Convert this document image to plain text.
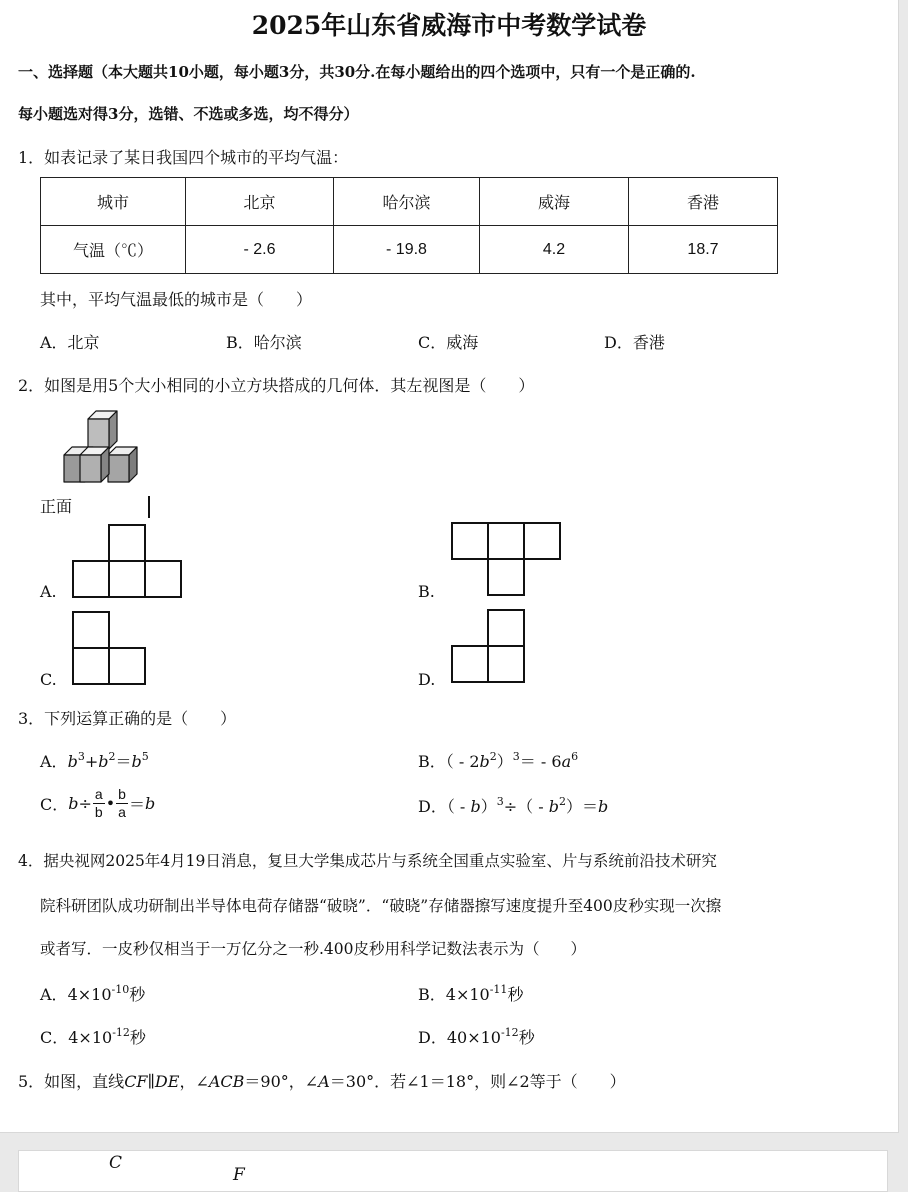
2025年山东省威海市中考数学试卷
一、选择题（本大题共10小题，每小题3分，共30分.在每小题给出的四个选项中，只有一个是正确的.
每小题选对得3分，选错、不选或多选，均不得分）
1．如表记录了某日我国四个城市的平均气温：
城市	北京	哈尔滨	威海	香港
气温（℃）	- 2.6	- 19.8	4.2	18.7
其中，平均气温最低的城市是（　　）
A．北京	B．哈尔滨	C．威海	D．香港
2．如图是用5个大小相同的小立方块搭成的几何体．其左视图是（　　）
正面
A.	B.
C.	D.
3．下列运算正确的是（　　）
A．$b^3+b^2=b^5$	B．（ - $2b^2)^3= - 6a^6$
C．$b\div \frac{a}{b}$ • $\frac{b}{a} =b$	D．（ - $b)^3\div( - b^2)=b$
4．据央视网2025年4月19日消息，复旦大学集成芯片与系统全国重点实验室、片与系统前沿技术研究
院科研团队成功研制出半导体电荷存储器“破晓”．“破晓”存储器擦写速度提升至400皮秒实现一次擦
或者写．一皮秒仅相当于一万亿分之一秒.400皮秒用科学记数法表示为（　　）
A．$4\times 10^{-10}$秒	B．$4\times 10^{-11}$秒
C．$4\times 10^{-12}$秒	D．$40\times 10^{-12}$秒
5．如图，直线CF∥DE，∠ACB＝90°，∠A＝30°．若∠1＝18°，则∠2等于（　　）
C
F
